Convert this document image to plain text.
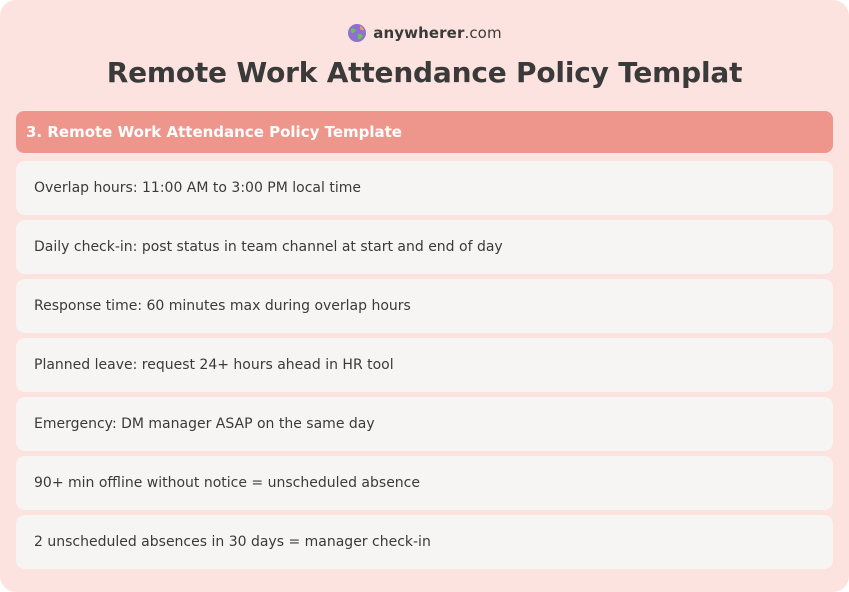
anywherer.com
Remote Work Attendance Policy Templat
3. Remote Work Attendance Policy Template
Overlap hours: 11:00 AM to 3:00 PM local time
Daily check-in: post status in team channel at start and end of day
Response time: 60 minutes max during overlap hours
Planned leave: request 24+ hours ahead in HR tool
Emergency: DM manager ASAP on the same day
90+ min offline without notice = unscheduled absence
2 unscheduled absences in 30 days = manager check-in
